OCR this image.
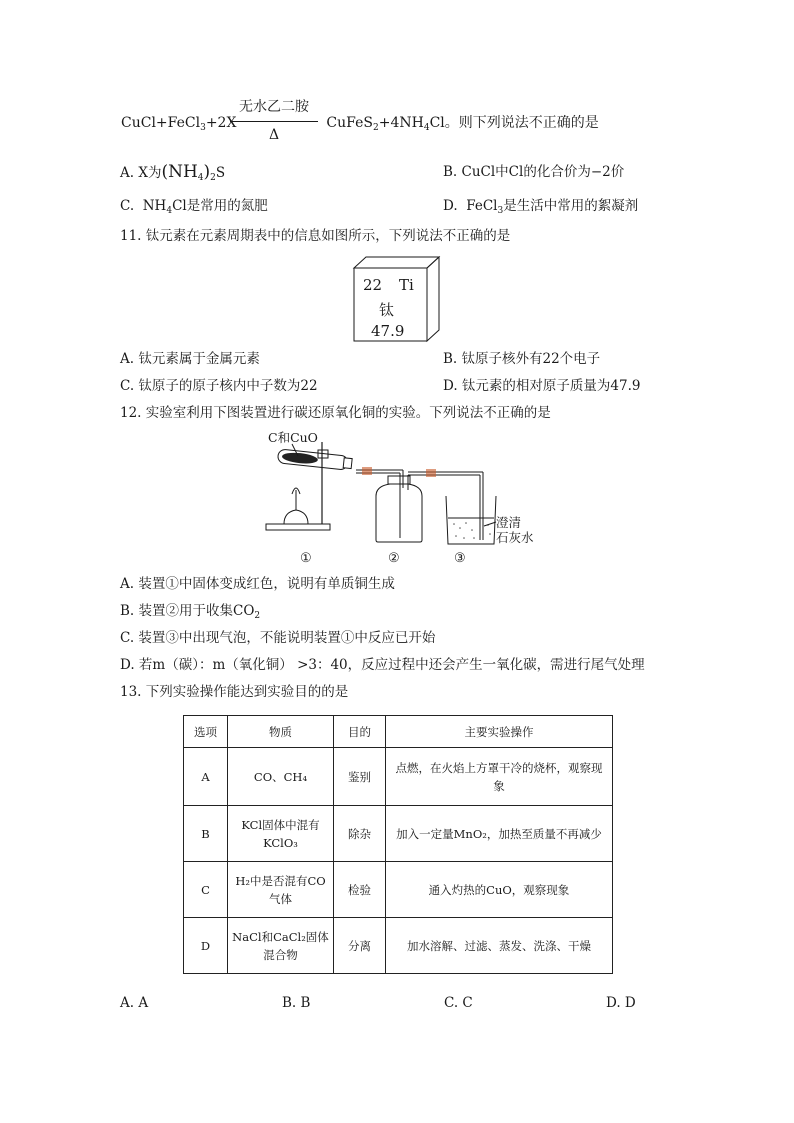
CuCl+FeCl$_3$+2X	$CuFeS_2+4NH_4Cl$。则下列说法不正确的是
无水乙二胺
Δ
A. X为$(NH_4)_2S$	B. CuCl中Cl的化合价为−2价
C. $NH_4Cl$是常用的氮肥	D. FeCl$_3$是生活中常用的絮凝剂
11. 钛元素在元素周期表中的信息如图所示，下列说法不正确的是
22 Ti
钛
47.9
A. 钛元素属于金属元素	B. 钛原子核外有22个电子
C. 钛原子的原子核内中子数为22	D. 钛元素的相对原子质量为47.9
12. 实验室利用下图装置进行碳还原氧化铜的实验。下列说法不正确的是
C和CuO
澄清
石灰水
①	②	③
A. 装置①中固体变成红色，说明有单质铜生成
B. 装置②用于收集$CO_2$
C. 装置③中出现气泡，不能说明装置①中反应已开始
D. 若m（碳）：m（氧化铜） >3：40，反应过程中还会产生一氧化碳，需进行尾气处理
13. 下列实验操作能达到实验目的的是
选项	物质	目的	主要实验操作
A	CO、CH₄	鉴别	点燃，在火焰上方罩干冷的烧杯，观察现象
B	KCl固体中混有KClO₃	除杂	加入一定量MnO₂，加热至质量不再减少
C	H₂中是否混有CO气体	检验	通入灼热的CuO，观察现象
D	NaCl和CaCl₂固体混合物	分离	加水溶解、过滤、蒸发、洗涤、干燥
A. A	B. B	C. C	D. D
